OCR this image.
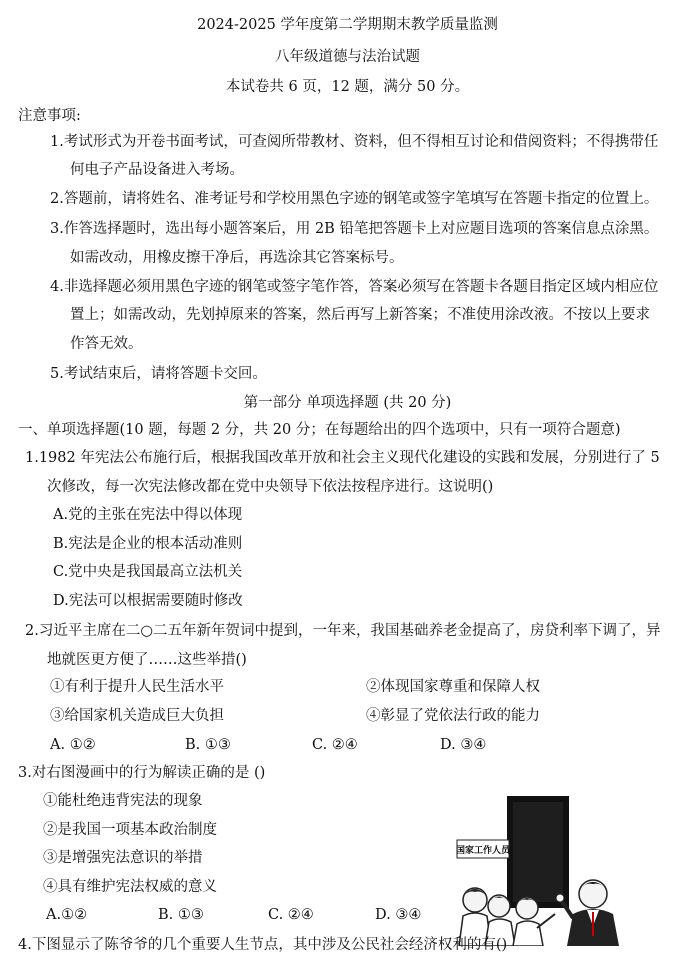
2024-2025 学年度第二学期期末教学质量监测
八年级道德与法治试题
本试卷共 6 页，12 题，满分 50 分。
注意事项:
1.考试形式为开卷书面考试，可查阅所带教材、资料，但不得相互讨论和借阅资料；不得携带任
何电子产品设备进入考场。
2.答题前，请将姓名、准考证号和学校用黑色字迹的钢笔或签字笔填写在答题卡指定的位置上。
3.作答选择题时，选出每小题答案后，用 2B 铅笔把答题卡上对应题目选项的答案信息点涂黑。
如需改动，用橡皮擦干净后，再选涂其它答案标号。
4.非选择题必须用黑色字迹的钢笔或签字笔作答，答案必须写在答题卡各题目指定区域内相应位
置上；如需改动，先划掉原来的答案，然后再写上新答案；不准使用涂改液。不按以上要求
作答无效。
5.考试结束后，请将答题卡交回。
第一部分 单项选择题 (共 20 分)
一、单项选择题(10 题，每题 2 分，共 20 分；在每题给出的四个选项中，只有一项符合题意)
1.1982 年宪法公布施行后，根据我国改革开放和社会主义现代化建设的实践和发展，分别进行了 5
次修改，每一次宪法修改都在党中央领导下依法按程序进行。这说明()
A.党的主张在宪法中得以体现
B.宪法是企业的根本活动准则
C.党中央是我国最高立法机关
D.宪法可以根据需要随时修改
2.习近平主席在二○二五年新年贺词中提到，一年来，我国基础养老金提高了，房贷利率下调了，异
地就医更方便了……这些举措()
①有利于提升人民生活水平	②体现国家尊重和保障人权
③给国家机关造成巨大负担	④彰显了党依法行政的能力
A. ①②	B. ①③	C. ②④	D. ③④
3.对右图漫画中的行为解读正确的是 ()
①能杜绝违背宪法的现象
②是我国一项基本政治制度
③是增强宪法意识的举措
④具有维护宪法权威的意义
A.①②	B. ①③	C. ②④	D. ③④
国家工作人员
4.下图显示了陈爷爷的几个重要人生节点，其中涉及公民社会经济权利的有()
